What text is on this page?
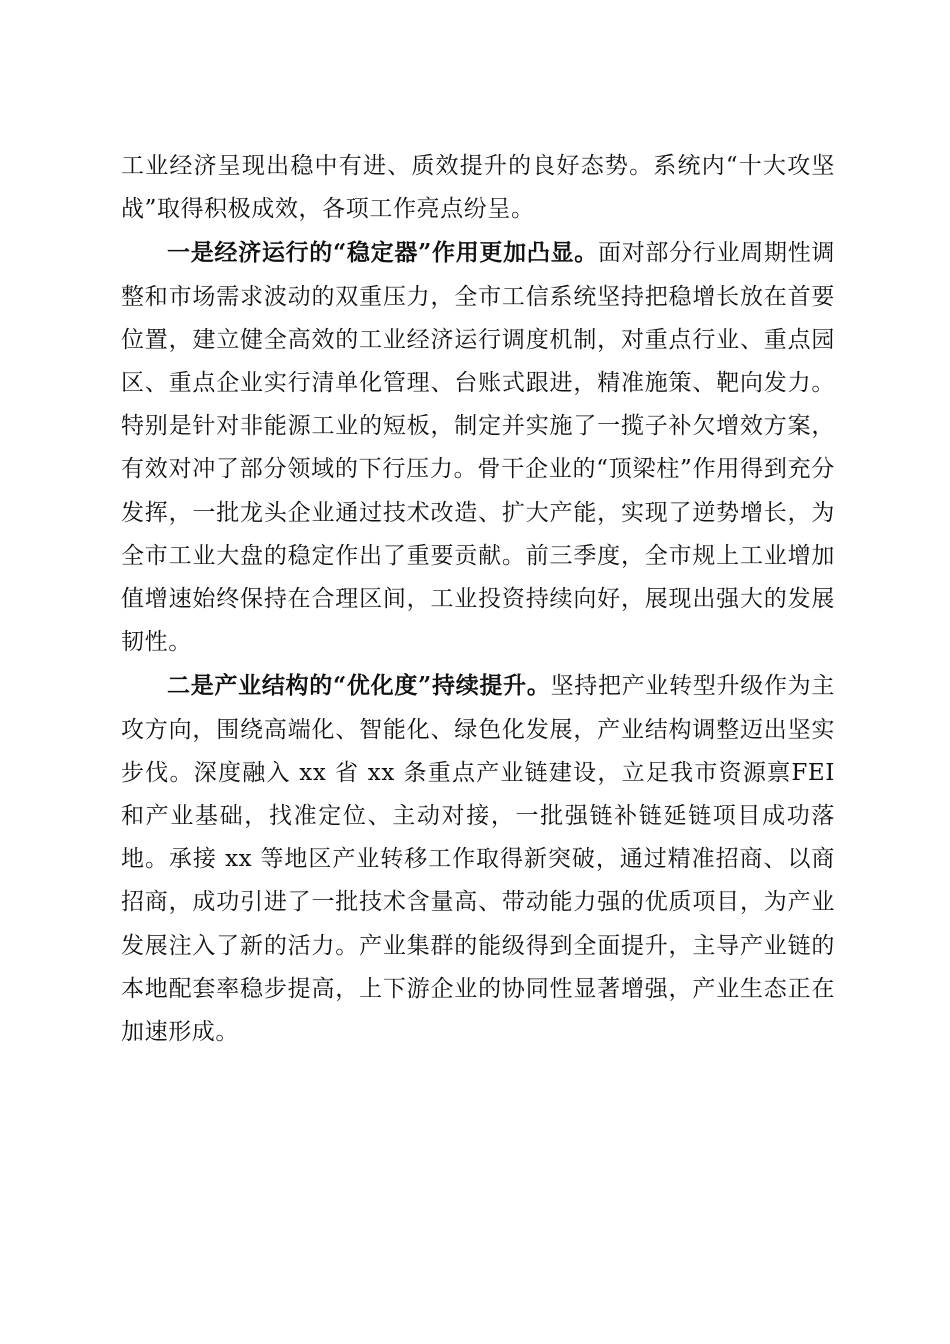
工业经济呈现出稳中有进、质效提升的良好态势。系统内“十大攻坚战”取得积极成效，各项工作亮点纷呈。

一是经济运行的“稳定器”作用更加凸显。面对部分行业周期性调整和市场需求波动的双重压力，全市工信系统坚持把稳增长放在首要位置，建立健全高效的工业经济运行调度机制，对重点行业、重点园区、重点企业实行清单化管理、台账式跟进，精准施策、靶向发力。特别是针对非能源工业的短板，制定并实施了一揽子补欠增效方案，有效对冲了部分领域的下行压力。骨干企业的“顶梁柱”作用得到充分发挥，一批龙头企业通过技术改造、扩大产能，实现了逆势增长，为全市工业大盘的稳定作出了重要贡献。前三季度，全市规上工业增加值增速始终保持在合理区间，工业投资持续向好，展现出强大的发展韧性。

二是产业结构的“优化度”持续提升。坚持把产业转型升级作为主攻方向，围绕高端化、智能化、绿色化发展，产业结构调整迈出坚实步伐。深度融入 xx 省 xx 条重点产业链建设，立足我市资源禀FEI和产业基础，找准定位、主动对接，一批强链补链延链项目成功落地。承接 xx 等地区产业转移工作取得新突破，通过精准招商、以商招商，成功引进了一批技术含量高、带动能力强的优质项目，为产业发展注入了新的活力。产业集群的能级得到全面提升，主导产业链的本地配套率稳步提高，上下游企业的协同性显著增强，产业生态正在加速形成。
